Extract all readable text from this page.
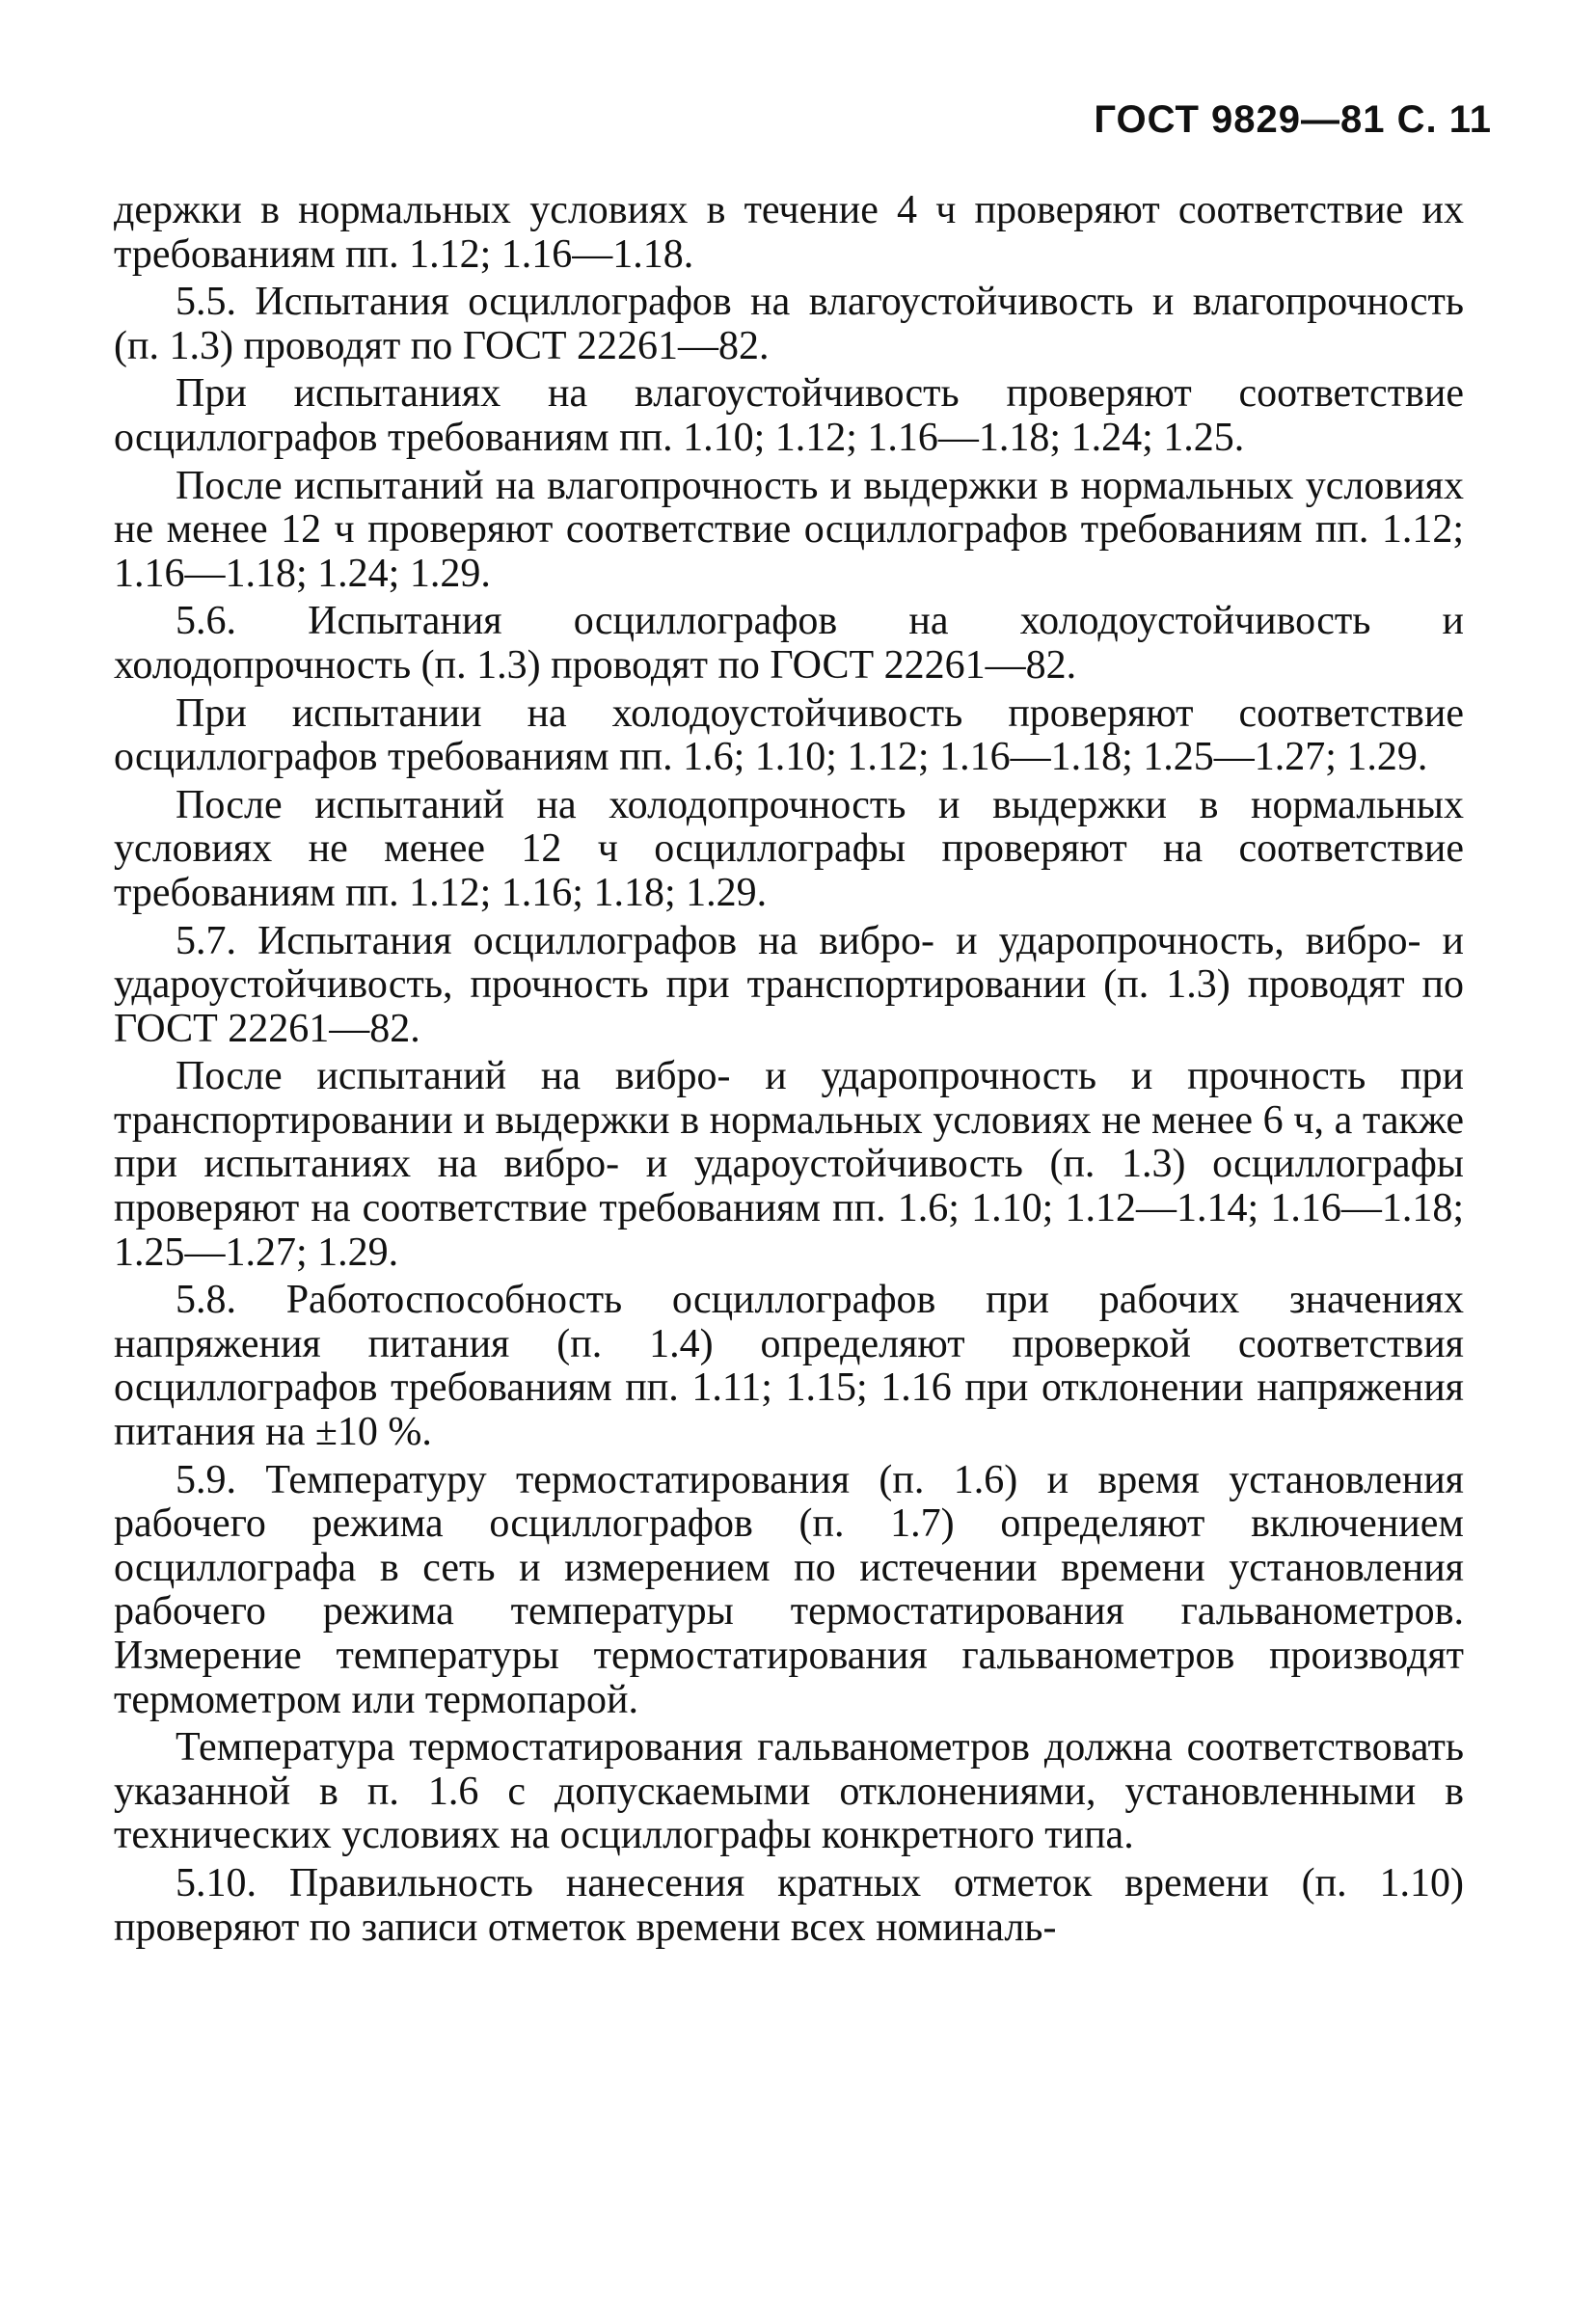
ГОСТ 9829—81 С. 11

держки в нормальных условиях в течение 4 ч проверяют соответствие их требованиям пп. 1.12; 1.16—1.18.

5.5. Испытания осциллографов на влагоустойчивость и влагопрочность (п. 1.3) проводят по ГОСТ 22261—82.

При испытаниях на влагоустойчивость проверяют соответствие осциллографов требованиям пп. 1.10; 1.12; 1.16—1.18; 1.24; 1.25.

После испытаний на влагопрочность и выдержки в нормальных условиях не менее 12 ч проверяют соответствие осциллографов требованиям пп. 1.12; 1.16—1.18; 1.24; 1.29.

5.6. Испытания осциллографов на холодоустойчивость и холодопрочность (п. 1.3) проводят по ГОСТ 22261—82.

При испытании на холодоустойчивость проверяют соответствие осциллографов требованиям пп. 1.6; 1.10; 1.12; 1.16—1.18; 1.25—1.27; 1.29.

После испытаний на холодопрочность и выдержки в нормальных условиях не менее 12 ч осциллографы проверяют на соответствие требованиям пп. 1.12; 1.16; 1.18; 1.29.

5.7. Испытания осциллографов на вибро- и ударопрочность, вибро- и удароустойчивость, прочность при транспортировании (п. 1.3) проводят по ГОСТ 22261—82.

После испытаний на вибро- и ударопрочность и прочность при транспортировании и выдержки в нормальных условиях не менее 6 ч, а также при испытаниях на вибро- и удароустойчивость (п. 1.3) осциллографы проверяют на соответствие требованиям пп. 1.6; 1.10; 1.12—1.14; 1.16—1.18; 1.25—1.27; 1.29.

5.8. Работоспособность осциллографов при рабочих значениях напряжения питания (п. 1.4) определяют проверкой соответствия осциллографов требованиям пп. 1.11; 1.15; 1.16 при отклонении напряжения питания на ±10 %.

5.9. Температуру термостатирования (п. 1.6) и время установления рабочего режима осциллографов (п. 1.7) определяют включением осциллографа в сеть и измерением по истечении времени установления рабочего режима температуры термостатирования гальванометров. Измерение температуры термостатирования гальванометров производят термометром или термопарой.

Температура термостатирования гальванометров должна соответствовать указанной в п. 1.6 с допускаемыми отклонениями, установленными в технических условиях на осциллографы конкретного типа.

5.10. Правильность нанесения кратных отметок времени (п. 1.10) проверяют по записи отметок времени всех номиналь-
